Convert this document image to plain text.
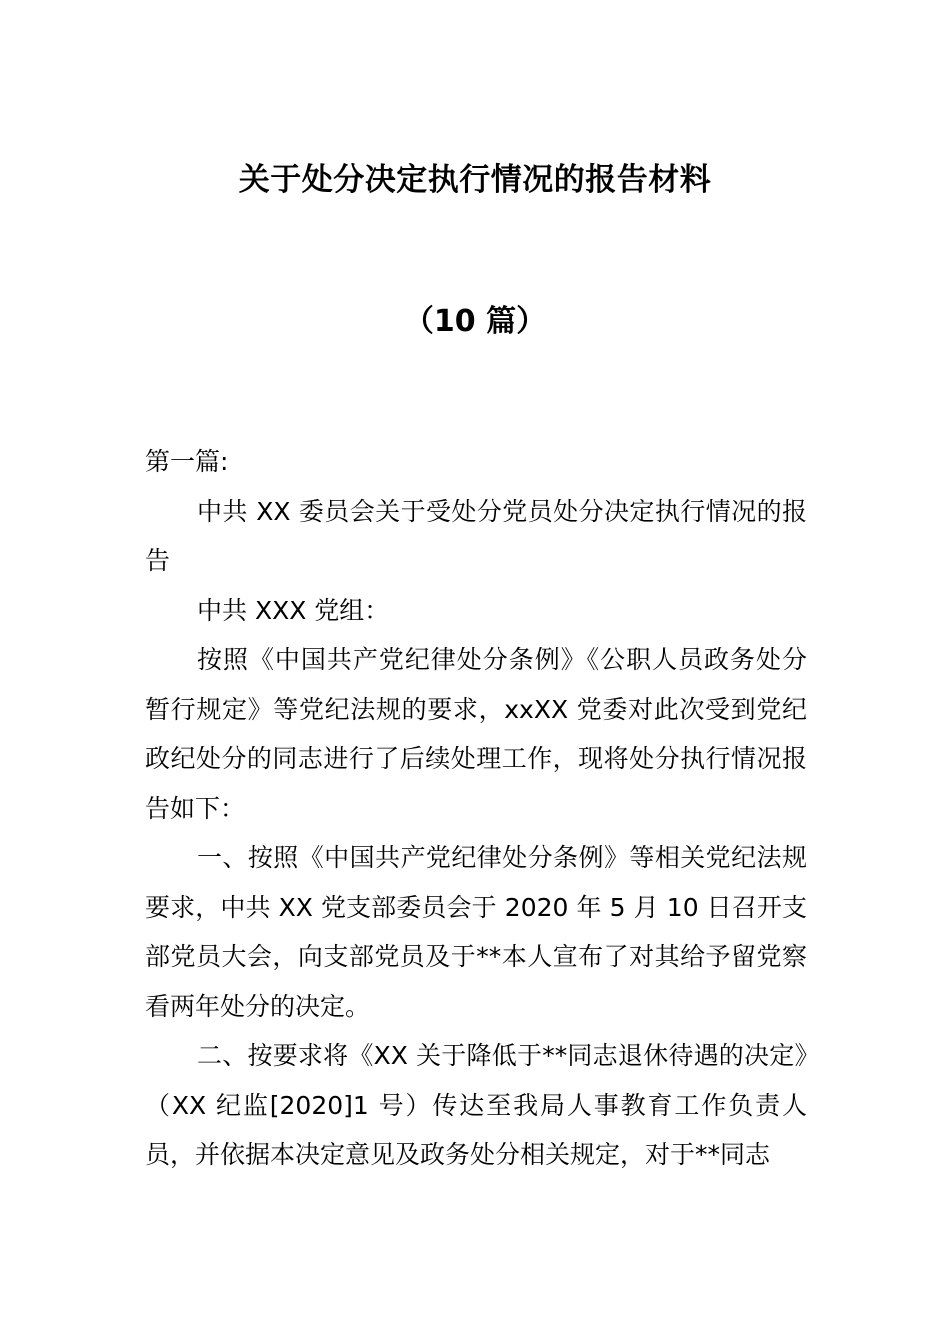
关于处分决定执行情况的报告材料
（10 篇）

第一篇:

中共 XX 委员会关于受处分党员处分决定执行情况的报告

中共 XXX 党组：

按照《中国共产党纪律处分条例》《公职人员政务处分暂行规定》等党纪法规的要求，xxXX 党委对此次受到党纪政纪处分的同志进行了后续处理工作，现将处分执行情况报告如下：

一、按照《中国共产党纪律处分条例》等相关党纪法规要求，中共 XX 党支部委员会于 2020 年 5 月 10 日召开支部党员大会，向支部党员及于**本人宣布了对其给予留党察看两年处分的决定。

二、按要求将《XX 关于降低于**同志退休待遇的决定》（XX 纪监[2020]1 号）传达至我局人事教育工作负责人员，并依据本决定意见及政务处分相关规定，对于**同志
